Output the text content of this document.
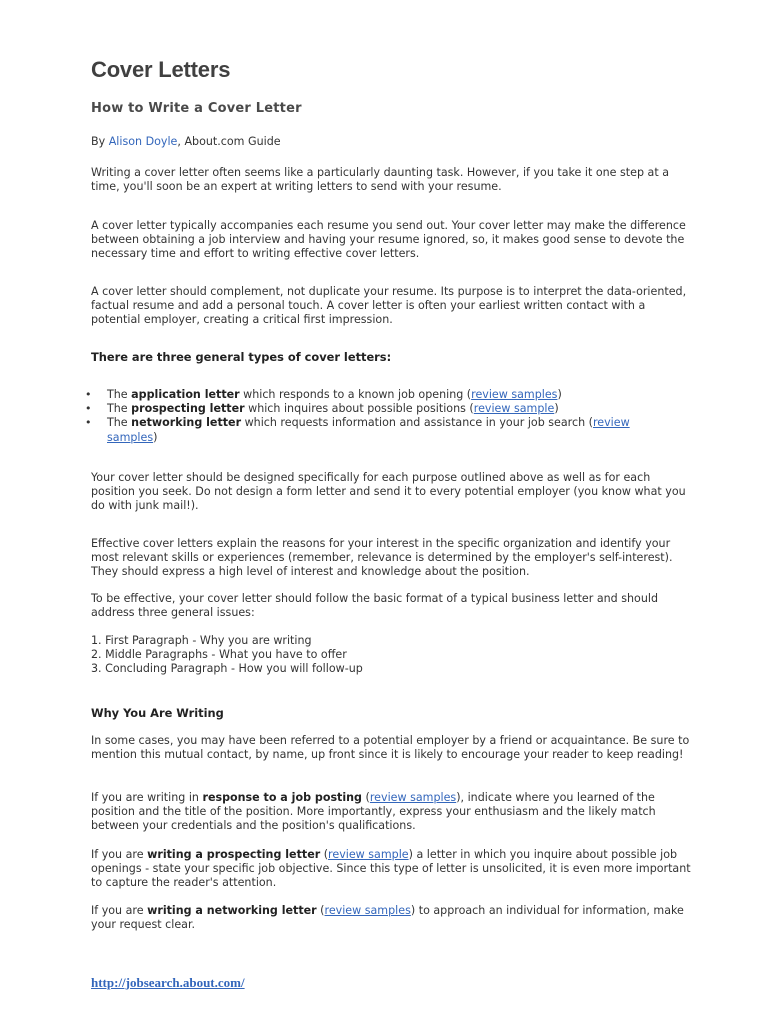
Cover Letters
How to Write a Cover Letter
By Alison Doyle, About.com Guide

Writing a cover letter often seems like a particularly daunting task. However, if you take it one step at a time, you'll soon be an expert at writing letters to send with your resume.

A cover letter typically accompanies each resume you send out. Your cover letter may make the difference between obtaining a job interview and having your resume ignored, so, it makes good sense to devote the necessary time and effort to writing effective cover letters.

A cover letter should complement, not duplicate your resume. Its purpose is to interpret the data-oriented, factual resume and add a personal touch. A cover letter is often your earliest written contact with a potential employer, creating a critical first impression.

There are three general types of cover letters:

• The application letter which responds to a known job opening (review samples)
• The prospecting letter which inquires about possible positions (review sample)
• The networking letter which requests information and assistance in your job search (review samples)

Your cover letter should be designed specifically for each purpose outlined above as well as for each position you seek. Do not design a form letter and send it to every potential employer (you know what you do with junk mail!).

Effective cover letters explain the reasons for your interest in the specific organization and identify your most relevant skills or experiences (remember, relevance is determined by the employer's self-interest). They should express a high level of interest and knowledge about the position.

To be effective, your cover letter should follow the basic format of a typical business letter and should address three general issues:

1. First Paragraph - Why you are writing
2. Middle Paragraphs - What you have to offer
3. Concluding Paragraph - How you will follow-up

Why You Are Writing

In some cases, you may have been referred to a potential employer by a friend or acquaintance. Be sure to mention this mutual contact, by name, up front since it is likely to encourage your reader to keep reading!

If you are writing in response to a job posting (review samples), indicate where you learned of the position and the title of the position. More importantly, express your enthusiasm and the likely match between your credentials and the position's qualifications.

If you are writing a prospecting letter (review sample) a letter in which you inquire about possible job openings - state your specific job objective. Since this type of letter is unsolicited, it is even more important to capture the reader's attention.

If you are writing a networking letter (review samples) to approach an individual for information, make your request clear.

http://jobsearch.about.com/
